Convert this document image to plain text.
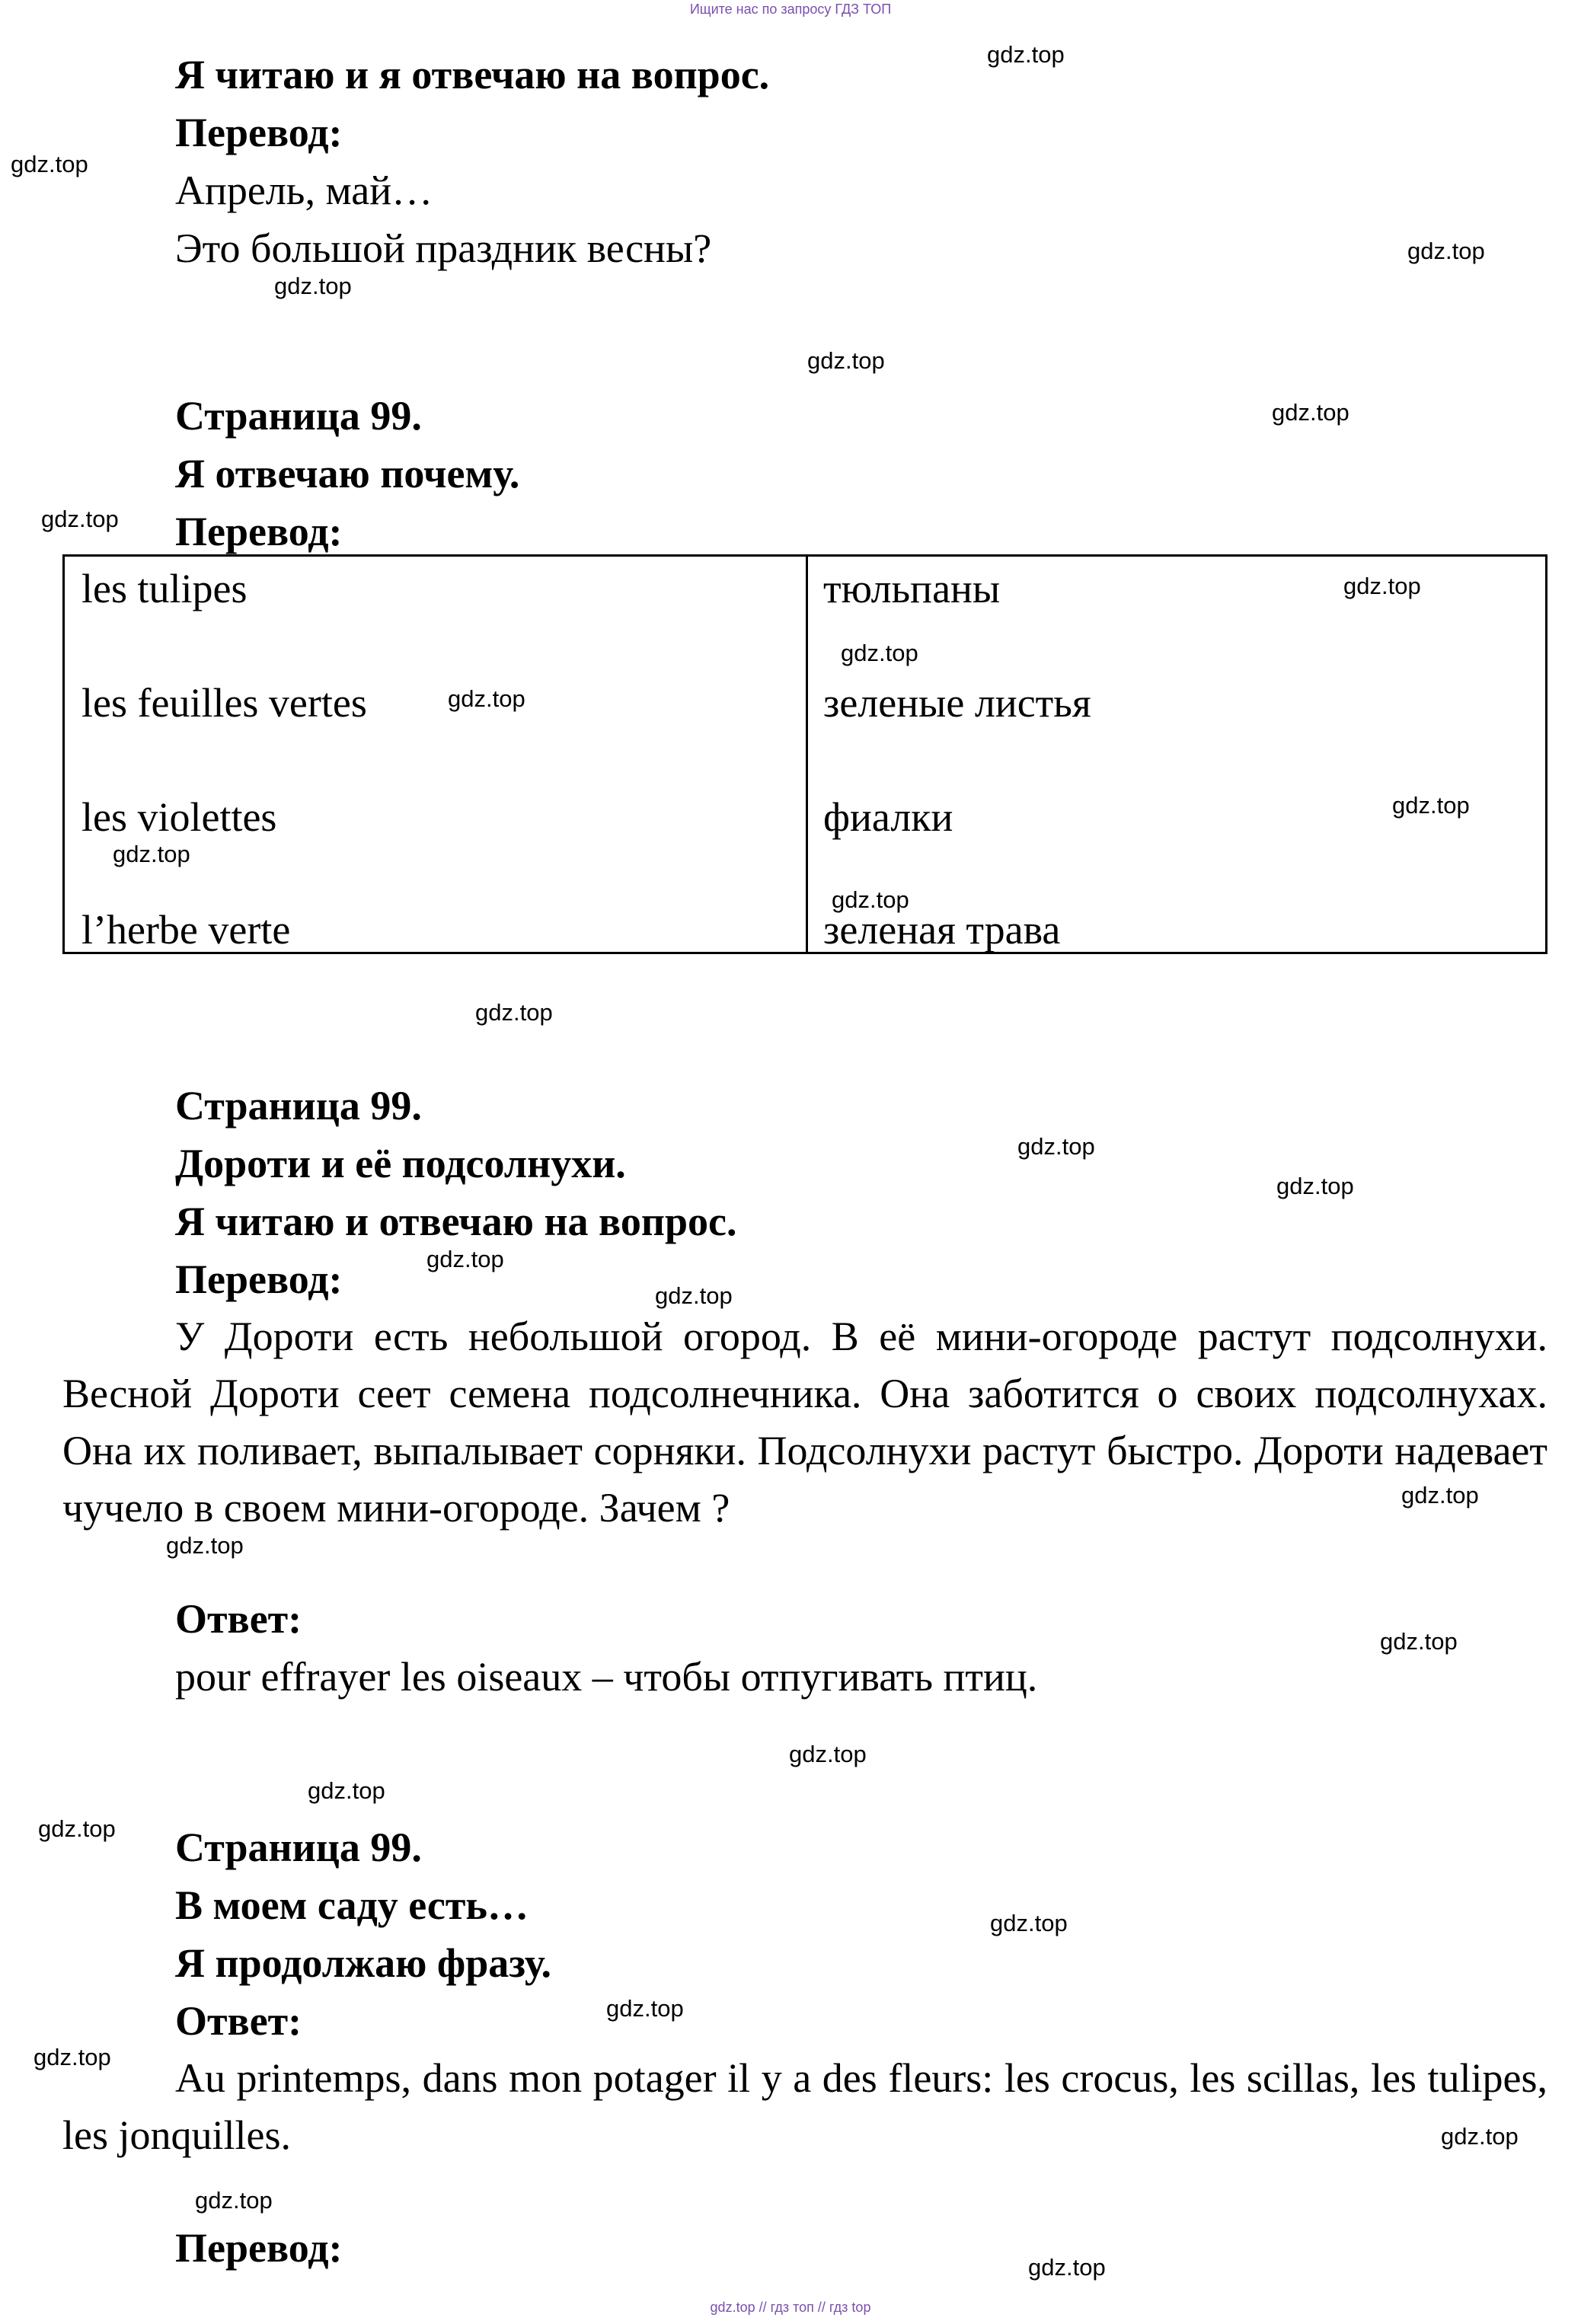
Ищите нас по запросу ГДЗ ТОП
Я читаю и я отвечаю на вопрос.
Перевод:
Апрель, май…
Это большой праздник весны?
Страница 99.
Я отвечаю почему.
Перевод:
les tulipes	тюльпаны
les feuilles vertes	зеленые листья
les violettes	фиалки
l’herbe verte	зеленая трава
Страница 99.
Дороти и её подсолнухи.
Я читаю и отвечаю на вопрос.
Перевод:
У Дороти есть небольшой огород. В её мини-огороде растут подсолнухи. Весной Дороти сеет семена подсолнечника. Она заботится о своих подсолнухах. Она их поливает, выпалывает сорняки. Подсолнухи растут быстро. Дороти надевает чучело в своем мини-огороде. Зачем ?
Ответ:
pour effrayer les oiseaux – чтобы отпугивать птиц.
Страница 99.
В моем саду есть…
Я продолжаю фразу.
Ответ:
Au printemps, dans mon potager il y a des fleurs: les crocus, les scillas, les tulipes, les jonquilles.
Перевод:
gdz.top
gdz.top
gdz.top
gdz.top
gdz.top
gdz.top
gdz.top
gdz.top
gdz.top
gdz.top
gdz.top
gdz.top
gdz.top
gdz.top
gdz.top
gdz.top
gdz.top
gdz.top
gdz.top
gdz.top
gdz.top
gdz.top
gdz.top
gdz.top
gdz.top
gdz.top
gdz.top
gdz.top
gdz.top
gdz.top
gdz.top // гдз топ // гдз top
